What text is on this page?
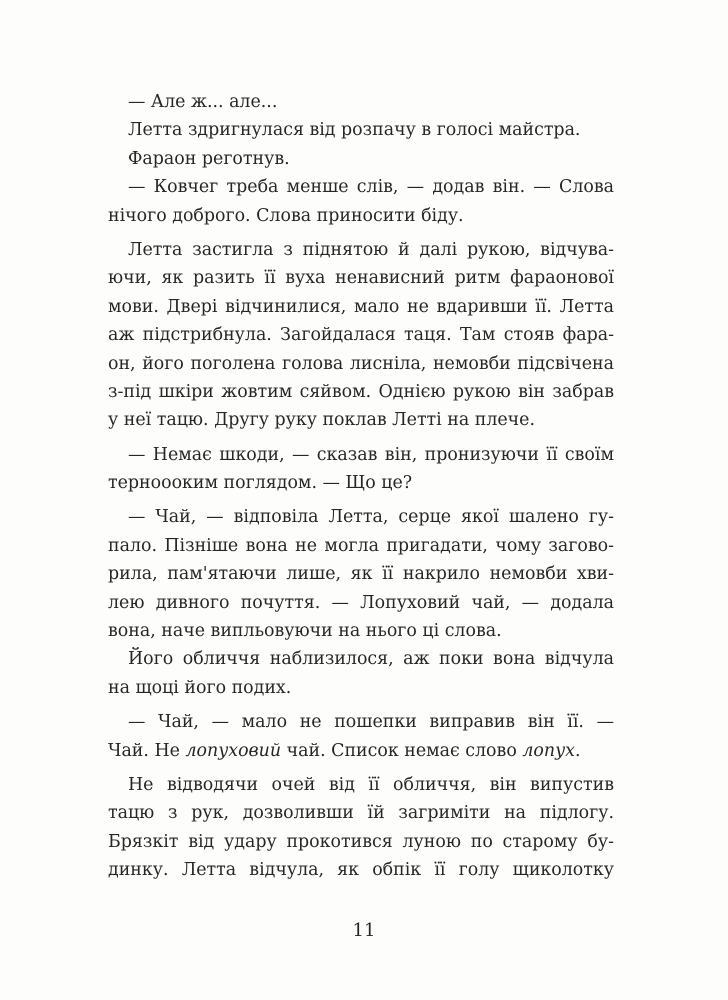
— Але ж... але...
Летта здригнулася від розпачу в голосі майстра.
Фараон реготнув.
— Ковчег треба менше слів, — додав він. — Слова
нічого доброго. Слова приносити біду.
Летта застигла з піднятою й далі рукою, відчува-
ючи, як разить її вуха ненависний ритм фараонової
мови. Двері відчинилися, мало не вдаривши її. Летта
аж підстрибнула. Загойдалася таця. Там стояв фара-
он, його поголена голова лисніла, немовби підсвічена
з-під шкіри жовтим сяйвом. Однією рукою він забрав
у неї тацю. Другу руку поклав Летті на плече.
— Немає шкоди, — сказав він, пронизуючи її своїм
терноооким поглядом. — Що це?
— Чай, — відповіла Летта, серце якої шалено гу-
пало. Пізніше вона не могла пригадати, чому загово-
рила, пам'ятаючи лише, як її накрило немовби хви-
лею дивного почуття. — Лопуховий чай, — додала
вона, наче випльовуючи на нього ці слова.
Його обличчя наблизилося, аж поки вона відчула
на щоці його подих.
— Чай, — мало не пошепки виправив він її. —
Чай. Не лопуховий чай. Список немає слово лопух.
Не відводячи очей від її обличчя, він випустив
тацю з рук, дозволивши їй загриміти на підлогу.
Брязкіт від удару прокотився луною по старому бу-
динку. Летта відчула, як обпік її голу щиколотку
11
